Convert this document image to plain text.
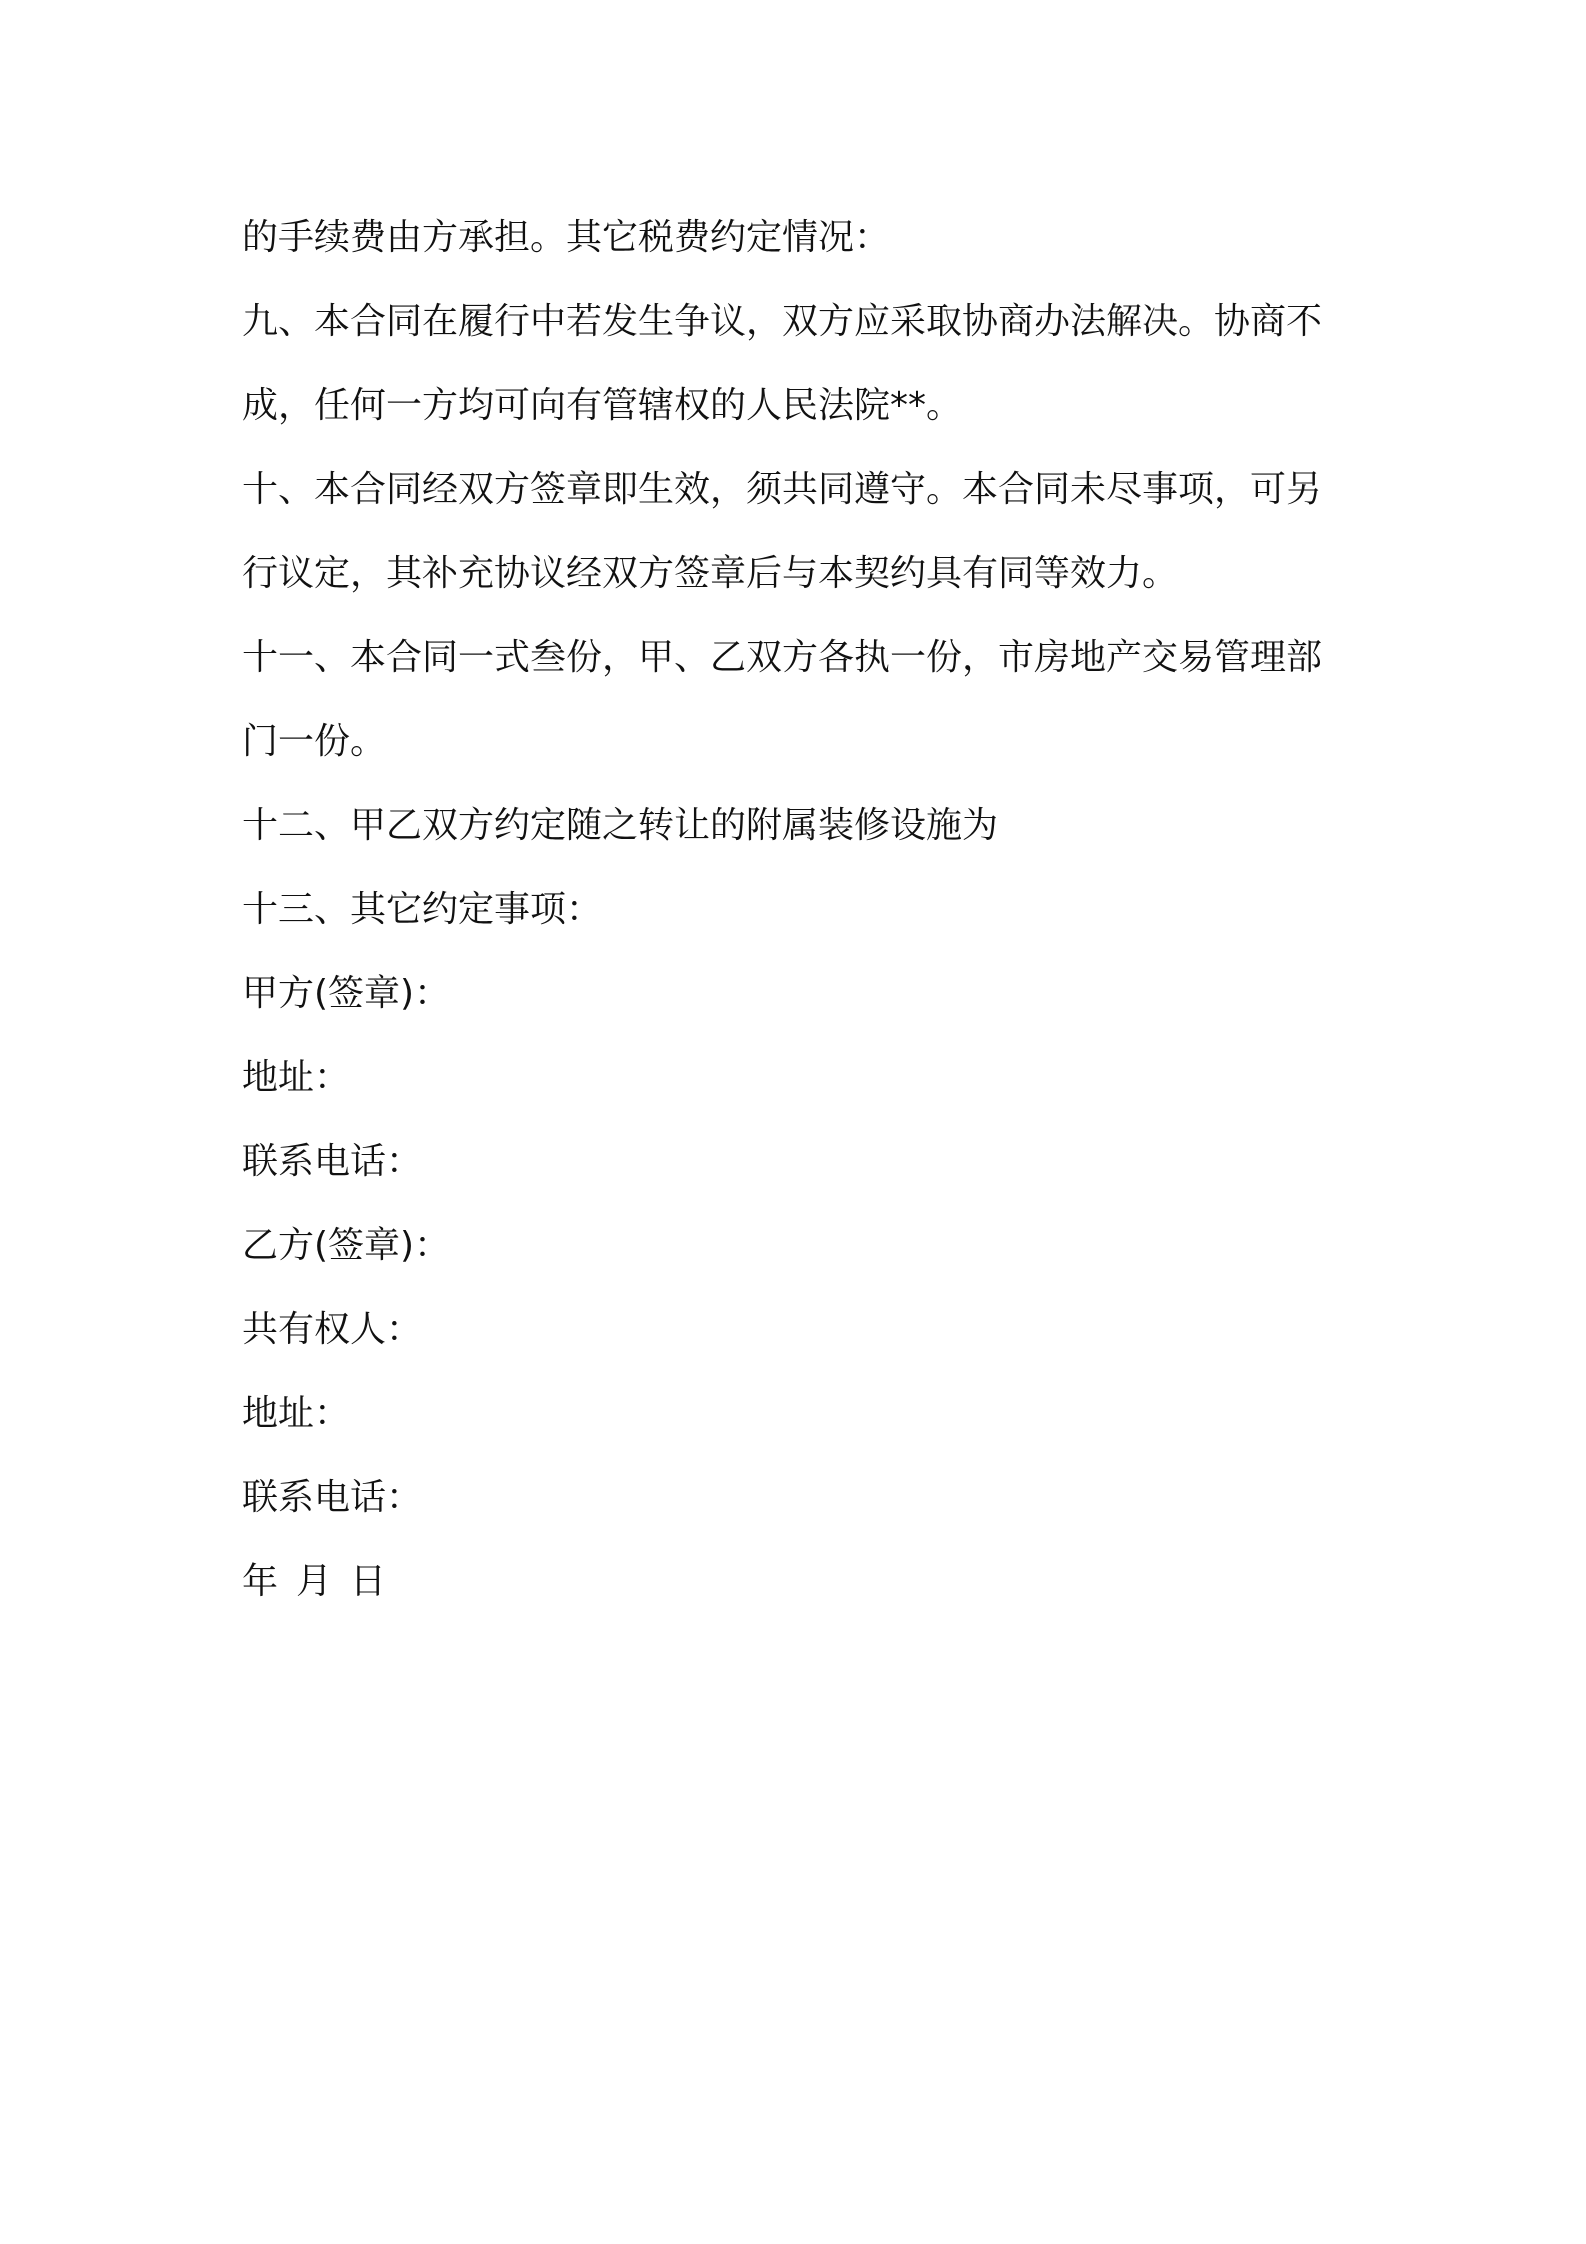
的手续费由方承担。其它税费约定情况：
九、本合同在履行中若发生争议，双方应采取协商办法解决。协商不
成，任何一方均可向有管辖权的人民法院**。
十、本合同经双方签章即生效，须共同遵守。本合同未尽事项，可另
行议定，其补充协议经双方签章后与本契约具有同等效力。
十一、本合同一式叁份，甲、乙双方各执一份，市房地产交易管理部
门一份。
十二、甲乙双方约定随之转让的附属装修设施为
十三、其它约定事项：
甲方(签章)：
地址：
联系电话：
乙方(签章)：
共有权人：
地址：
联系电话：
年 月 日
